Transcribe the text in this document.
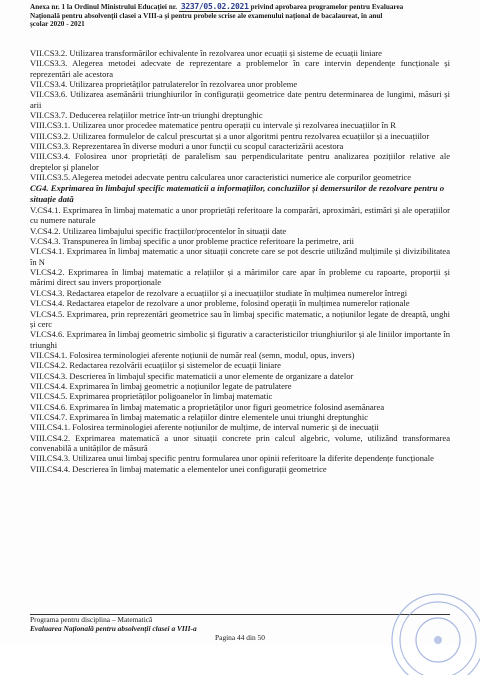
Anexa nr. 1 la Ordinul Ministrului Educației nr. 3237/05.02.2021 privind aprobarea programelor pentru Evaluarea
Națională pentru absolvenții clasei a VIII-a și pentru probele scrise ale examenului național de bacalaureat, în anul
școlar 2020 - 2021
VII.CS3.2. Utilizarea transformărilor echivalente în rezolvarea unor ecuații și sisteme de ecuații liniare
VII.CS3.3. Alegerea metodei adecvate de reprezentare a problemelor în care intervin dependențe funcționale și reprezentări ale acestora
VII.CS3.4. Utilizarea proprietăților patrulaterelor în rezolvarea unor probleme
VII.CS3.6. Utilizarea asemănării triunghiurilor în configurații geometrice date pentru determinarea de lungimi, măsuri și arii
VII.CS3.7. Deducerea relațiilor metrice într-un triunghi dreptunghic
VIII.CS3.1. Utilizarea unor procedee matematice pentru operații cu intervale și rezolvarea inecuațiilor în R
VIII.CS3.2. Utilizarea formulelor de calcul prescurtat și a unor algoritmi pentru rezolvarea ecuațiilor și a inecuațiilor
VIII.CS3.3. Reprezentarea în diverse moduri a unor funcții cu scopul caracterizării acestora
VIII.CS3.4. Folosirea unor proprietăți de paralelism sau perpendicularitate pentru analizarea pozițiilor relative ale dreptelor și planelor
VIII.CS3.5. Alegerea metodei adecvate pentru calcularea unor caracteristici numerice ale corpurilor geometrice
CG4. Exprimarea în limbajul specific matematicii a informațiilor, concluziilor și demersurilor de rezolvare pentru o situație dată
V.CS4.1. Exprimarea în limbaj matematic a unor proprietăți referitoare la comparări, aproximări, estimări și ale operațiilor cu numere naturale
V.CS4.2. Utilizarea limbajului specific fracțiilor/procentelor în situații date
V.CS4.3. Transpunerea în limbaj specific a unor probleme practice referitoare la perimetre, arii
VI.CS4.1. Exprimarea în limbaj matematic a unor situații concrete care se pot descrie utilizând mulțimile și divizibilitatea în N
VI.CS4.2. Exprimarea în limbaj matematic a relațiilor și a mărimilor care apar în probleme cu rapoarte, proporții și mărimi direct sau invers proporționale
VI.CS4.3. Redactarea etapelor de rezolvare a ecuațiilor și a inecuațiilor studiate în mulțimea numerelor întregi
VI.CS4.4. Redactarea etapelor de rezolvare a unor probleme, folosind operații în mulțimea numerelor raționale
VI.CS4.5. Exprimarea, prin reprezentări geometrice sau în limbaj specific matematic, a noțiunilor legate de dreaptă, unghi și cerc
VI.CS4.6. Exprimarea în limbaj geometric simbolic și figurativ a caracteristicilor triunghiurilor și ale liniilor importante în triunghi
VII.CS4.1. Folosirea terminologiei aferente noțiunii de număr real (semn, modul, opus, invers)
VII.CS4.2. Redactarea rezolvării ecuațiilor și sistemelor de ecuații liniare
VII.CS4.3. Descrierea în limbajul specific matematicii a unor elemente de organizare a datelor
VII.CS4.4. Exprimarea în limbaj geometric a noțiunilor legate de patrulatere
VII.CS4.5. Exprimarea proprietăților poligoanelor în limbaj matematic
VII.CS4.6. Exprimarea în limbaj matematic a proprietăților unor figuri geometrice folosind asemănarea
VII.CS4.7. Exprimarea în limbaj matematic a relațiilor dintre elementele unui triunghi dreptunghic
VIII.CS4.1. Folosirea terminologiei aferente noțiunilor de mulțime, de interval numeric și de inecuații
VIII.CS4.2. Exprimarea matematică a unor situații concrete prin calcul algebric, volume, utilizând transformarea convenabilă a unităților de măsură
VIII.CS4.3. Utilizarea unui limbaj specific pentru formularea unor opinii referitoare la diferite dependențe funcționale
VIII.CS4.4. Descrierea în limbaj matematic a elementelor unei configurații geometrice
Programa pentru disciplina – Matematică
Evaluarea Națională pentru absolvenții clasei a VIII-a
Pagina 44 din 50
